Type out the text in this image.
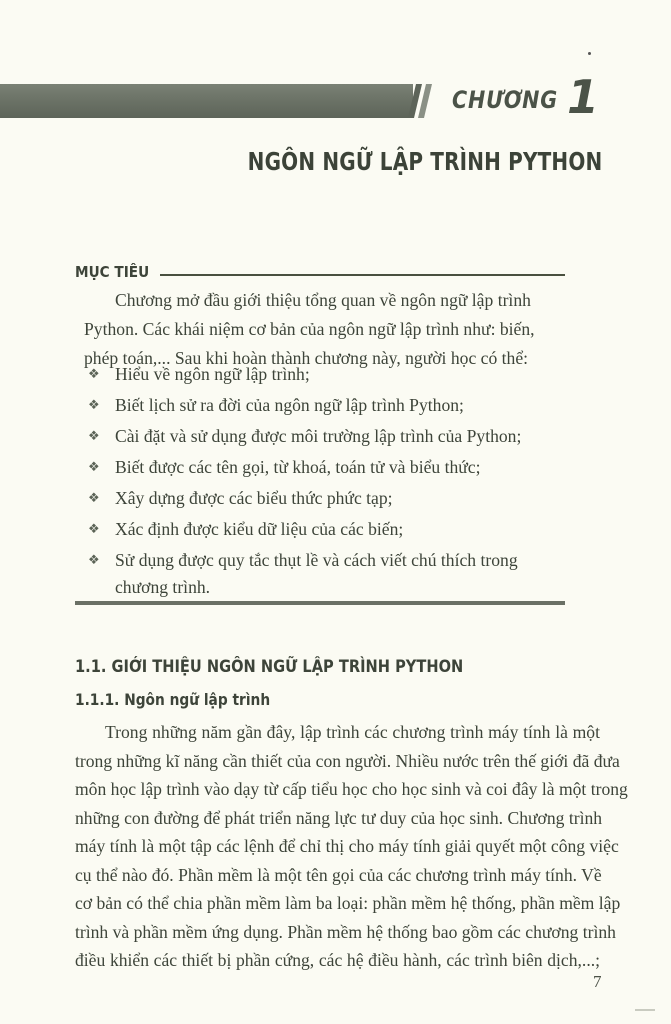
CHƯƠNG 1
NGÔN NGỮ LẬP TRÌNH PYTHON
MỤC TIÊU
Chương mở đầu giới thiệu tổng quan về ngôn ngữ lập trình
Python. Các khái niệm cơ bản của ngôn ngữ lập trình như: biến,
phép toán,... Sau khi hoàn thành chương này, người học có thể:
❖ Hiểu về ngôn ngữ lập trình;
❖ Biết lịch sử ra đời của ngôn ngữ lập trình Python;
❖ Cài đặt và sử dụng được môi trường lập trình của Python;
❖ Biết được các tên gọi, từ khoá, toán tử và biểu thức;
❖ Xây dựng được các biểu thức phức tạp;
❖ Xác định được kiểu dữ liệu của các biến;
❖ Sử dụng được quy tắc thụt lề và cách viết chú thích trong
chương trình.
1.1. GIỚI THIỆU NGÔN NGỮ LẬP TRÌNH PYTHON
1.1.1. Ngôn ngữ lập trình
Trong những năm gần đây, lập trình các chương trình máy tính là một
trong những kĩ năng cần thiết của con người. Nhiều nước trên thế giới đã đưa
môn học lập trình vào dạy từ cấp tiểu học cho học sinh và coi đây là một trong
những con đường để phát triển năng lực tư duy của học sinh. Chương trình
máy tính là một tập các lệnh để chỉ thị cho máy tính giải quyết một công việc
cụ thể nào đó. Phần mềm là một tên gọi của các chương trình máy tính. Về
cơ bản có thể chia phần mềm làm ba loại: phần mềm hệ thống, phần mềm lập
trình và phần mềm ứng dụng. Phần mềm hệ thống bao gồm các chương trình
điều khiển các thiết bị phần cứng, các hệ điều hành, các trình biên dịch,...;
7
